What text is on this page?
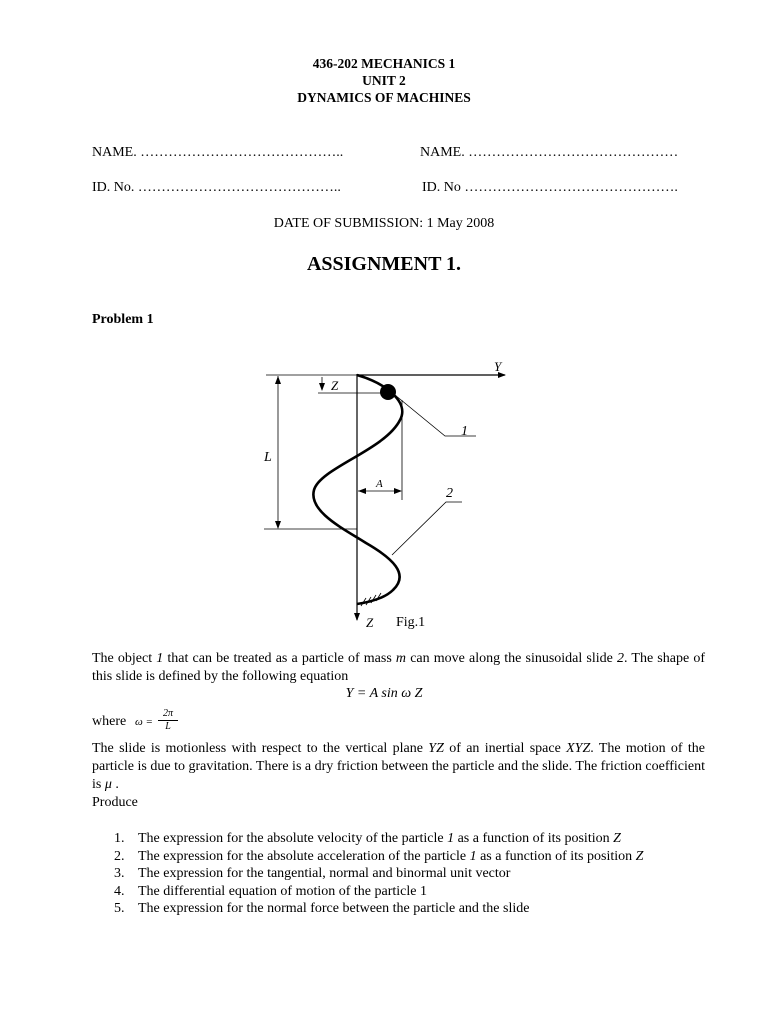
436-202 MECHANICS 1
UNIT 2
DYNAMICS OF MACHINES
NAME. ……………………………………..	NAME. ………………………………………
ID. No. ……………………………………..	ID. No ……………………………………….
DATE OF SUBMISSION: 1 May 2008
ASSIGNMENT 1.
Problem 1
Y
Z
L
A
1
2
Z Fig.1
The object 1 that can be treated as a particle of mass m can move along the sinusoidal slide 2. The shape of this slide is defined by the following equation
Y = A sin ω Z
where $\omega = \frac{2\pi}{L}$
The slide is motionless with respect to the vertical plane YZ of an inertial space XYZ. The motion of the particle is due to gravitation. There is a dry friction between the particle and the slide. The friction coefficient is μ .
Produce
1. The expression for the absolute velocity of the particle 1 as a function of its position Z
2. The expression for the absolute acceleration of the particle 1 as a function of its position Z
3. The expression for the tangential, normal and binormal unit vector
4. The differential equation of motion of the particle 1
5. The expression for the normal force between the particle and the slide
